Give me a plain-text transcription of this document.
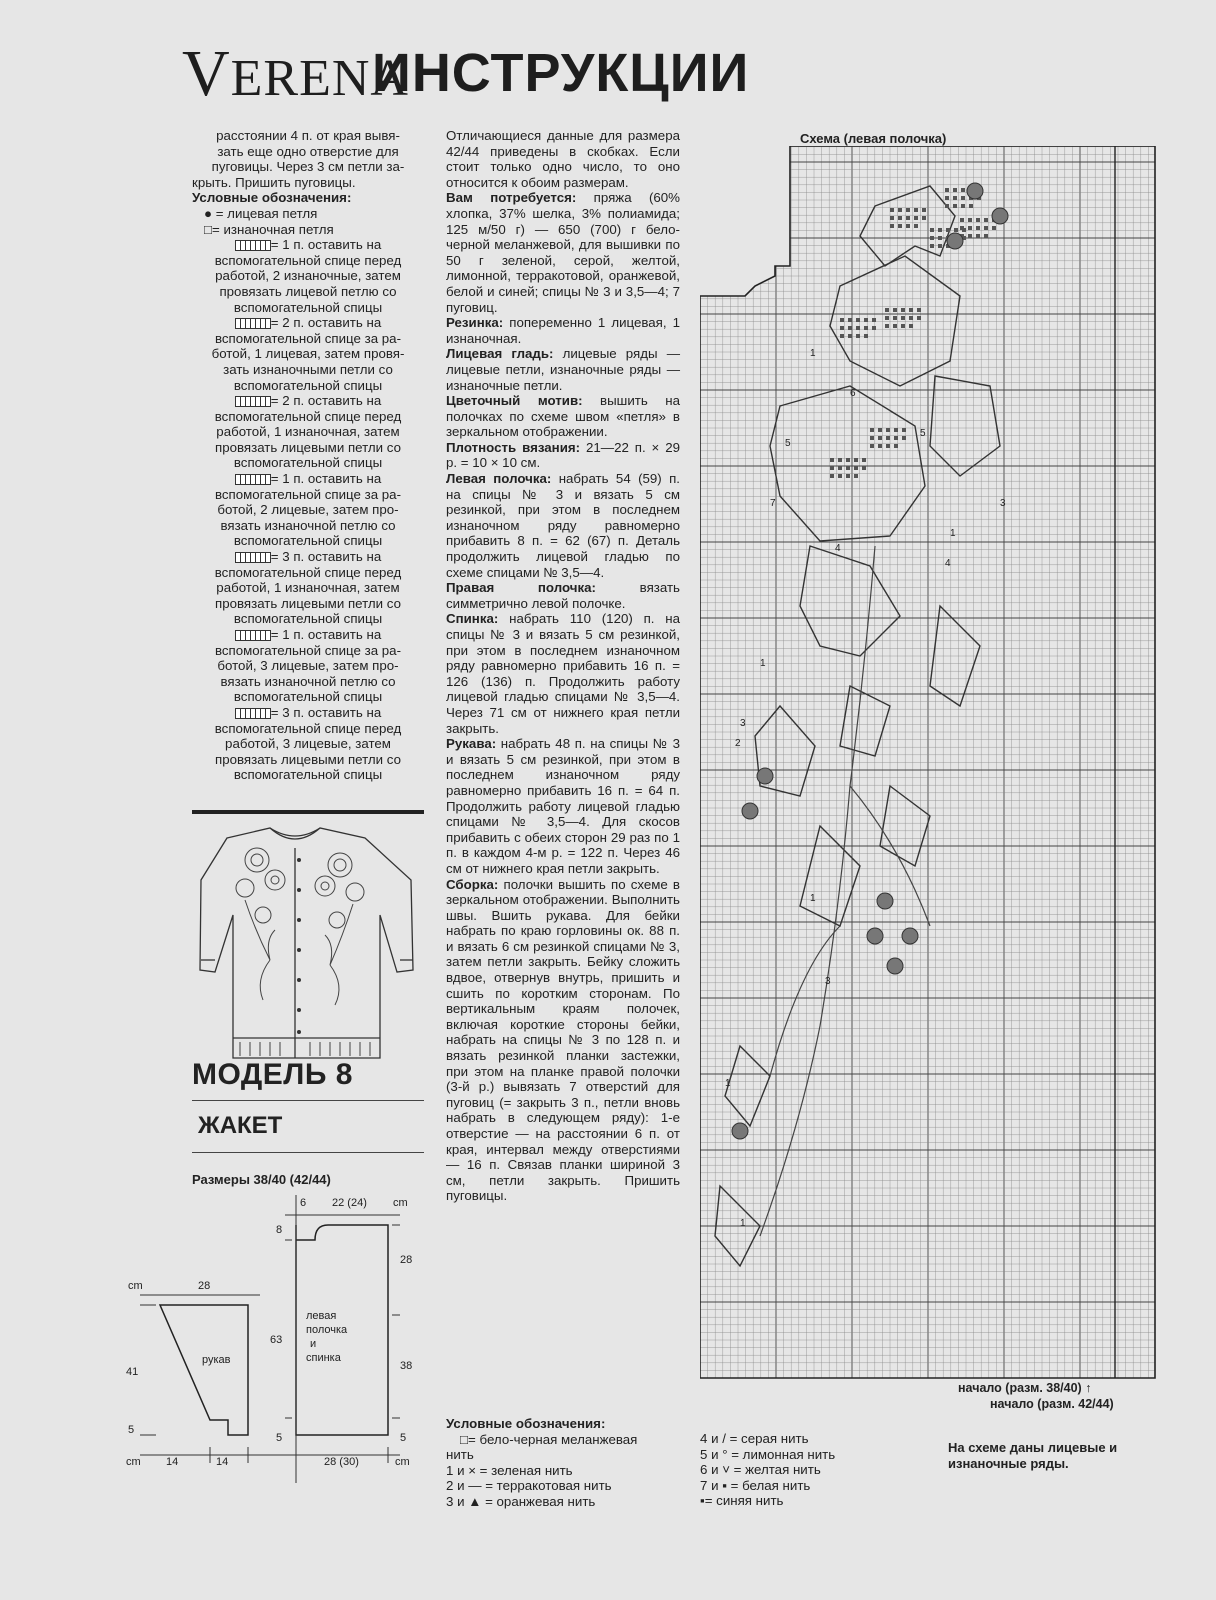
VERENA
ИНСТРУКЦИИ

расстоянии 4 п. от края вывя-

зать еще одно отверстие для

пуговицы. Через 3 см петли за-

крыть. Пришить пуговицы.

Условные обозначения:

● = лицевая петля

□= изнаночная петля

= 1 п. оставить на

вспомогательной спице перед

работой, 2 изнаночные, затем

провязать лицевой петлю со

вспомогательной спицы

= 2 п. оставить на

вспомогательной спице за ра-

ботой, 1 лицевая, затем провя-

зать изнаночными петли со

вспомогательной спицы

= 2 п. оставить на

вспомогательной спице перед

работой, 1 изнаночная, затем

провязать лицевыми петли со

вспомогательной спицы

= 1 п. оставить на

вспомогательной спице за ра-

ботой, 2 лицевые, затем про-

вязать изнаночной петлю со

вспомогательной спицы

= 3 п. оставить на

вспомогательной спице перед

работой, 1 изнаночная, затем

провязать лицевыми петли со

вспомогательной спицы

= 1 п. оставить на

вспомогательной спице за ра-

ботой, 3 лицевые, затем про-

вязать изнаночной петлю со

вспомогательной спицы

= 3 п. оставить на

вспомогательной спице перед

работой, 3 лицевые, затем

провязать лицевыми петли со

вспомогательной спицы

МОДЕЛЬ 8
ЖАКЕТ
Размеры 38/40 (42/44)
6 22 (24) cm
8
63
5
28
38
5
левая
полочка
и
спинка
рукав
28
cm
41
5
cm 14	14	28 (30)	cm

Отличающиеся данные для размера 42/44 приведены в скобках. Если стоит только одно число, то оно относится к обоим размерам.

Вам потребуется: пряжа (60% хлопка, 37% шелка, 3% полиамида; 125 м/50 г) — 650 (700) г бело-черной меланжевой, для вышивки по 50 г зеленой, серой, желтой, лимонной, терракотовой, оранжевой, белой и синей; спицы № 3 и 3,5—4; 7 пуговиц.

Резинка: попеременно 1 лицевая, 1 изнаночная.

Лицевая гладь: лицевые ряды — лицевые петли, изнаночные ряды — изнаночные петли.

Цветочный мотив: вышить на полочках по схеме швом «петля» в зеркальном отображении.

Плотность вязания: 21—22 п. × 29 р. = 10 × 10 см.

Левая полочка: набрать 54 (59) п. на спицы № 3 и вязать 5 см резинкой, при этом в последнем изнаночном ряду равномерно прибавить 8 п. = 62 (67) п. Деталь продолжить лицевой гладью по схеме спицами № 3,5—4.

Правая полочка: вязать симметрично левой полочке.

Спинка: набрать 110 (120) п. на спицы № 3 и вязать 5 см резинкой, при этом в последнем изнаночном ряду равномерно прибавить 16 п. = 126 (136) п. Продолжить работу лицевой гладью спицами № 3,5—4. Через 71 см от нижнего края петли закрыть.

Рукава: набрать 48 п. на спицы № 3 и вязать 5 см резинкой, при этом в последнем изнаночном ряду равномерно прибавить 16 п. = 64 п. Продолжить работу лицевой гладью спицами № 3,5—4. Для скосов прибавить с обеих сторон 29 раз по 1 п. в каждом 4-м р. = 122 п. Через 46 см от нижнего края петли закрыть.

Сборка: полочки вышить по схеме в зеркальном отображении. Выполнить швы. Вшить рукава. Для бейки набрать по краю горловины ок. 88 п. и вязать 6 см резинкой спицами № 3, затем петли закрыть. Бейку сложить вдвое, отвернув внутрь, пришить и сшить по коротким сторонам. По вертикальным краям полочек, включая короткие стороны бейки, набрать на спицы № 3 по 128 п. и вязать резинкой планки застежки, при этом на планке правой полочки (3-й р.) вывязать 7 отверстий для пуговиц (= закрыть 3 п., петли вновь набрать в следующем ряду): 1-е отверстие — на расстоянии 6 п. от края, интервал между отверстиями — 16 п. Связав планки шириной 3 см, петли закрыть. Пришить пуговицы.

Условные обозначения:

□= бело-черная меланжевая

нить

1 и × = зеленая нить

2 и — = терракотовая нить

3 и ▲ = оранжевая нить

4 и / = серая нить

5 и ° = лимонная нить

6 и ˅ = желтая нить

7 и ▪ = белая нить

▪= синяя нить

Схема (левая полочка)
1
5
7
4
1
3
2
1
3
1
3
4
5
6
1
1
начало (разм. 38/40) ↑
начало (разм. 42/44)
На схеме даны лицевые и изнаночные ряды.
